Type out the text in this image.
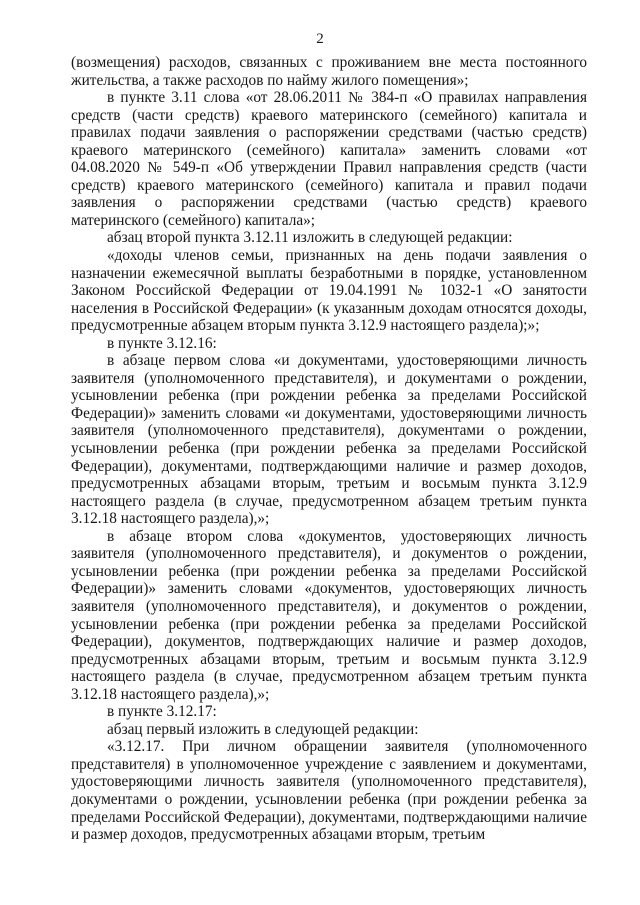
2

(возмещения) расходов, связанных с проживанием вне места постоянного жительства, а также расходов по найму жилого помещения»;

в пункте 3.11 слова «от 28.06.2011 № 384-п «О правилах направления средств (части средств) краевого материнского (семейного) капитала и правилах подачи заявления о распоряжении средствами (частью средств) краевого материнского (семейного) капитала» заменить словами «от 04.08.2020 № 549-п «Об утверждении Правил направления средств (части средств) краевого материнского (семейного) капитала и правил подачи заявления о распоряжении средствами (частью средств) краевого материнского (семейного) капитала»;

абзац второй пункта 3.12.11 изложить в следующей редакции:

«доходы членов семьи, признанных на день подачи заявления о назначении ежемесячной выплаты безработными в порядке, установленном Законом Российской Федерации от 19.04.1991 № 1032-1 «О занятости населения в Российской Федерации» (к указанным доходам относятся доходы, предусмотренные абзацем вторым пункта 3.12.9 настоящего раздела);»;

в пункте 3.12.16:

в абзаце первом слова «и документами, удостоверяющими личность заявителя (уполномоченного представителя), и документами о рождении, усыновлении ребенка (при рождении ребенка за пределами Российской Федерации)» заменить словами «и документами, удостоверяющими личность заявителя (уполномоченного представителя), документами о рождении, усыновлении ребенка (при рождении ребенка за пределами Российской Федерации), документами, подтверждающими наличие и размер доходов, предусмотренных абзацами вторым, третьим и восьмым пункта 3.12.9 настоящего раздела (в случае, предусмотренном абзацем третьим пункта 3.12.18 настоящего раздела),»;

в абзаце втором слова «документов, удостоверяющих личность заявителя (уполномоченного представителя), и документов о рождении, усыновлении ребенка (при рождении ребенка за пределами Российской Федерации)» заменить словами «документов, удостоверяющих личность заявителя (уполномоченного представителя), и документов о рождении, усыновлении ребенка (при рождении ребенка за пределами Российской Федерации), документов, подтверждающих наличие и размер доходов, предусмотренных абзацами вторым, третьим и восьмым пункта 3.12.9 настоящего раздела (в случае, предусмотренном абзацем третьим пункта 3.12.18 настоящего раздела),»;

в пункте 3.12.17:

абзац первый изложить в следующей редакции:

«3.12.17. При личном обращении заявителя (уполномоченного представителя) в уполномоченное учреждение с заявлением и документами, удостоверяющими личность заявителя (уполномоченного представителя), документами о рождении, усыновлении ребенка (при рождении ребенка за пределами Российской Федерации), документами, подтверждающими наличие и размер доходов, предусмотренных абзацами вторым, третьим
